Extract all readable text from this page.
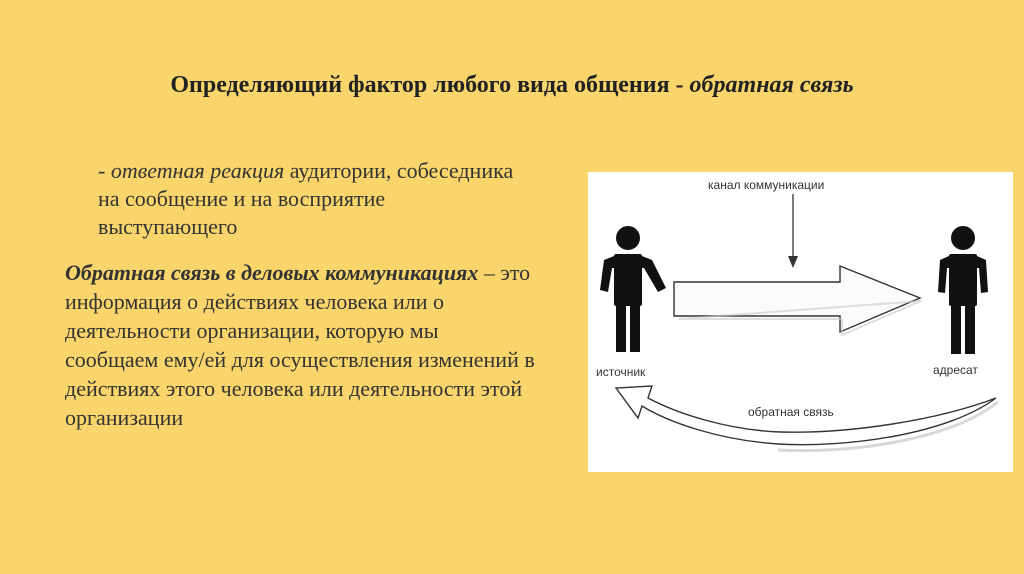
Определяющий фактор любого вида общения - обратная связь
- ответная реакция аудитории, собеседника на сообщение и на восприятие выступающего
Обратная связь в деловых коммуникациях – это информация о действиях человека или о деятельности организации, которую мы сообщаем ему/ей для осуществления изменений в действиях этого человека или деятельности этой организации
канал коммуникации
источник	адресат
обратная связь
